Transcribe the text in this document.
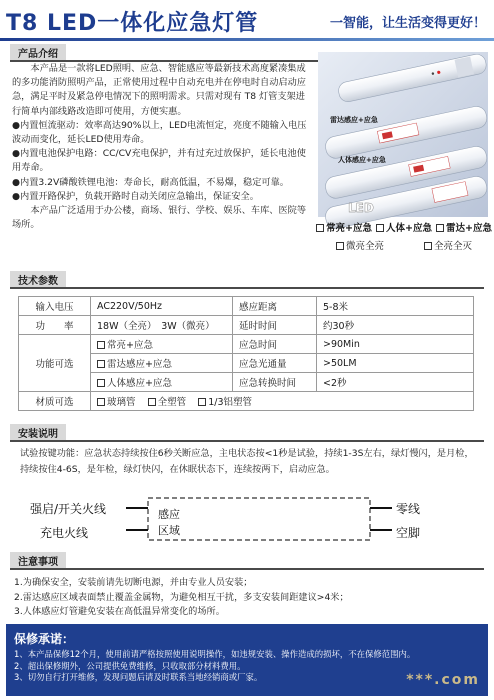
T8 LED一体化应急灯管	一智能，让生活变得更好！
产品介绍

本产品是一款将LED照明、应急、智能感应等最新技术高度紧凑集成的多功能消防照明产品，正常使用过程中自动充电并在停电时自动启动应急，满足平时及紧急停电情况下的照明需求。只需对现有 T8 灯管支架进行简单内部线路改造即可使用，方便实惠。

●内置恒流驱动：效率高达90%以上，LED电流恒定，亮度不随输入电压波动而变化，延长LED使用寿命。

●内置电池保护电路：CC/CV充电保护，并有过充过放保护，延长电池使用寿命。

●内置3.2V磷酸铁锂电池：寿命长，耐高低温，不易爆，稳定可靠。

●内置开路保护，负载开路时自动关闭应急输出，保证安全。

本产品广泛适用于办公楼，商场、银行、学校、娱乐、车库、医院等场所。

雷达感应+应急
人体感应+应急
LED
常亮+应急	人体+应急	雷达+应急
微亮全亮	全亮全灭
技术参数
输入电压	AC220V/50Hz	感应距离	5-8米
功　　率	18W（全亮）　3W（微亮）	延时时间	约30秒
功能可选	常亮+应急	应急时间	>90Min
	雷达感应+应急	应急光通量	>50LM
	人体感应+应急	应急转换时间	<2秒
材质可选	玻璃管 全塑管 1/3铝塑管		
安装说明
试验按键功能：应急状态持续按住6秒关断应急，主电状态按<1秒是试验，持续1-3S左右，绿灯慢闪，是月检，持续按住4-6S，是年检，绿灯快闪，在休眠状态下，连续按两下，启动应急。
强启/开关火线
充电火线
感应
区域
零线
空脚
注意事项
1.为确保安全，安装前请先切断电源，并由专业人员安装；
2.雷达感应区域表面禁止覆盖金属物，为避免相互干扰，多支安装间距建议>4米；
3.人体感应灯管避免安装在高低温异常变化的场所。
保修承诺：
1、本产品保修12个月，使用前请严格按照使用说明操作，如违规安装、操作造成的损坏，不在保修范围内。
2、超出保修期外，公司提供免费维修，只收取部分材料费用。
3、切勿自行打开维修，发现问题后请及时联系当地经销商或厂家。	***.com
